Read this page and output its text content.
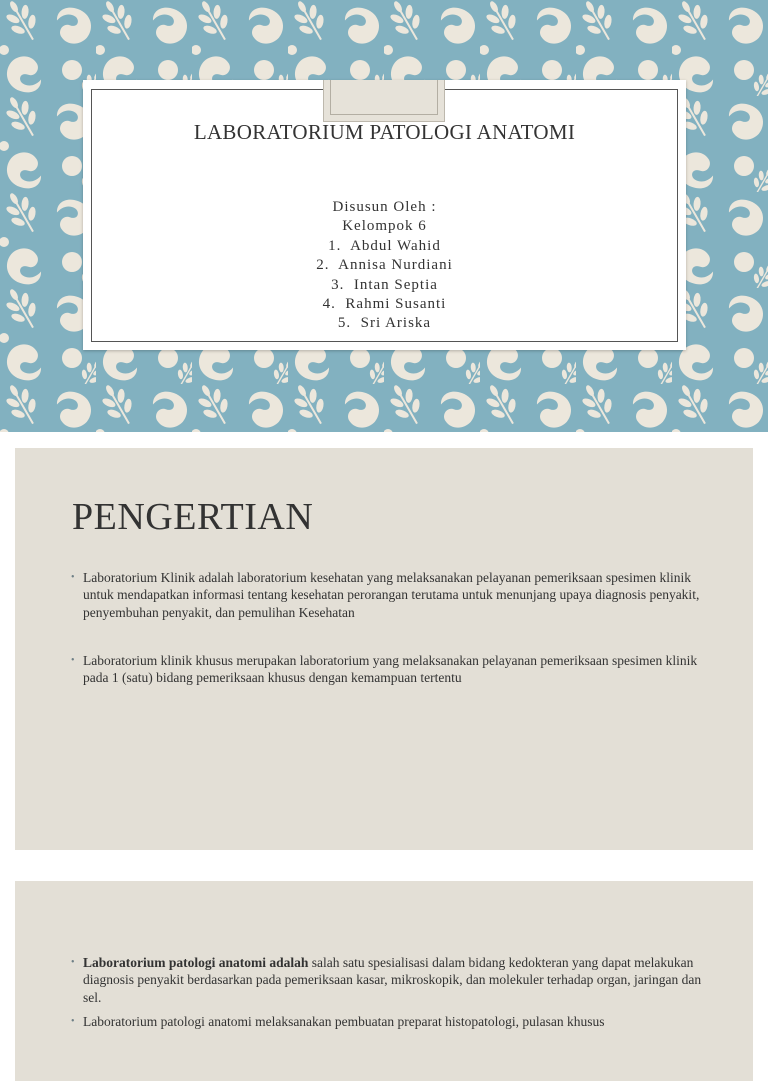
LABORATORIUM PATOLOGI ANATOMI
Disusun Oleh :
Kelompok 6
1.  Abdul Wahid
2.  Annisa Nurdiani
3.  Intan Septia
4.  Rahmi Susanti
5.  Sri Ariska
PENGERTIAN
• Laboratorium Klinik adalah laboratorium kesehatan yang melaksanakan pelayanan pemeriksaan spesimen klinik untuk mendapatkan informasi tentang kesehatan perorangan terutama untuk menunjang upaya diagnosis penyakit, penyembuhan penyakit, dan pemulihan Kesehatan
• Laboratorium klinik khusus merupakan laboratorium yang melaksanakan pelayanan pemeriksaan spesimen klinik pada 1 (satu) bidang pemeriksaan khusus dengan kemampuan tertentu
• Laboratorium patologi anatomi adalah salah satu spesialisasi dalam bidang kedokteran yang dapat melakukan diagnosis penyakit berdasarkan pada pemeriksaan kasar, mikroskopik, dan molekuler terhadap organ, jaringan dan sel.
• Laboratorium patologi anatomi melaksanakan pembuatan preparat histopatologi, pulasan khusus
